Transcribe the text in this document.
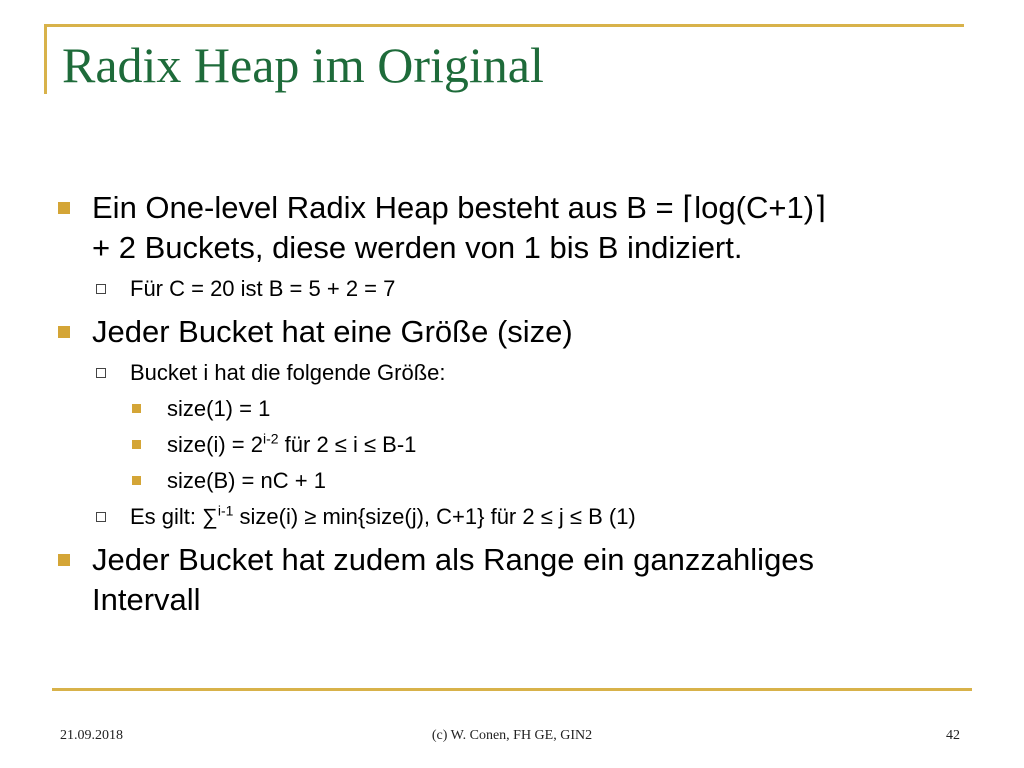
Radix Heap im Original
Ein One-level Radix Heap besteht aus B = ⌈log(C+1)⌉
+ 2 Buckets, diese werden von 1 bis B indiziert.
Für C = 20 ist B = 5 + 2 = 7
Jeder Bucket hat eine Größe (size)
Bucket i hat die folgende Größe:
size(1) = 1
size(i) = $2^{i-2}$ für 2 ≤ i ≤ B-1
size(B) = nC + 1
Es gilt: ∑$^{i-1}$ size(i) ≥ min{size(j), C+1} für 2 ≤ j ≤ B (1)
Jeder Bucket hat zudem als Range ein ganzzahliges
Intervall
21.09.2018	(c) W. Conen, FH GE, GIN2	42
